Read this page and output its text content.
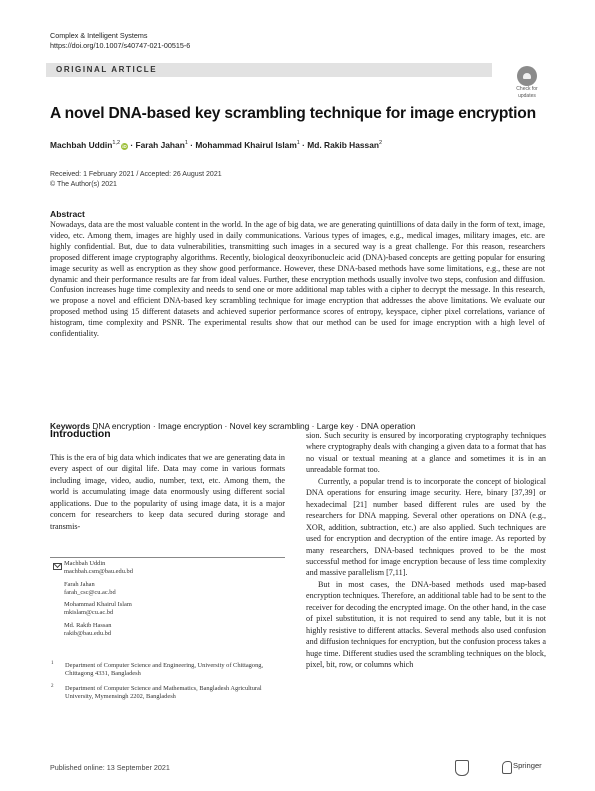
Complex & Intelligent Systems
https://doi.org/10.1007/s40747-021-00515-6
ORIGINAL ARTICLE
Check for
updates
A novel DNA-based key scrambling technique for image encryption
Machbah Uddin$^{1,2}$iD · Farah Jahan$^1$ · Mohammad Khairul Islam$^1$ · Md. Rakib Hassan$^2$
Received: 1 February 2021 / Accepted: 26 August 2021
© The Author(s) 2021
Abstract
Nowadays, data are the most valuable content in the world. In the age of big data, we are generating quintillions of data daily in the form of text, image, video, etc. Among them, images are highly used in daily communications. Various types of images, e.g., medical images, military images, etc. are highly confidential. But, due to data vulnerabilities, transmitting such images in a secured way is a great challenge. For this reason, researchers proposed different image cryptography algorithms. Recently, biological deoxyribonucleic acid (DNA)-based concepts are getting popular for ensuring image security as well as encryption as they show good performance. However, these DNA-based methods have some limitations, e.g., these are not dynamic and their performance results are far from ideal values. Further, these encryption methods usually involve two steps, confusion and diffusion. Confusion increases huge time complexity and needs to send one or more additional map tables with a cipher to decrypt the message. In this research, we propose a novel and efficient DNA-based key scrambling technique for image encryption that addresses the above limitations. We evaluate our proposed method using 15 different datasets and achieved superior performance scores of entropy, keyspace, cipher pixel correlations, variance of histogram, time complexity and PSNR. The experimental results show that our method can be used for image encryption with a high level of confidentiality.
Keywords DNA encryption · Image encryption · Novel key scrambling · Large key · DNA operation
Introduction

This is the era of big data which indicates that we are generating data in every aspect of our digital life. Data may come in various formats including image, video, audio, number, text, etc. Among them, the world is accumulating image data enormously using different social applications. Due to the popularity of using image data, it is a major concern for researchers to keep data secured during storage and transmis-

sion. Such security is ensured by incorporating cryptography techniques where cryptography deals with changing a given data to a format that has no visual or textual meaning at a glance and sometimes it is in an unreadable format too.

Currently, a popular trend is to incorporate the concept of biological DNA operations for ensuring image security. Here, binary [37,39] or hexadecimal [21] number based different rules are used by the researchers for DNA mapping. Several other operations on DNA (e.g., XOR, addition, subtraction, etc.) are also applied. Such techniques are used for encryption and decryption of the entire image. As reported by many researchers, DNA-based techniques proved to be the most successful method for image encryption because of less time complexity and massive parallelism [7,11].

But in most cases, the DNA-based methods used map-based encryption techniques. Therefore, an additional table had to be sent to the receiver for decoding the encrypted image. On the other hand, in the case of pixel substitution, it is not required to send any table, but it is not highly resistive to different attacks. Several methods also used confusion and diffusion techniques for encryption, but the confusion process takes a huge time. Different studies used the scrambling techniques on the block, pixel, bit, row, or columns which

Machbah Uddin
machbah.csm@bau.edu.bd
Farah Jahan
farah_csc@cu.ac.bd
Mohammad Khairul Islam
mkislam@cu.ac.bd
Md. Rakib Hassan
rakib@bau.edu.bd
1 Department of Computer Science and Engineering, University of Chittagong, Chittagong 4331, Bangladesh
2 Department of Computer Science and Mathematics, Bangladesh Agricultural University, Mymensingh 2202, Bangladesh
Published online: 13 September 2021	Springer
